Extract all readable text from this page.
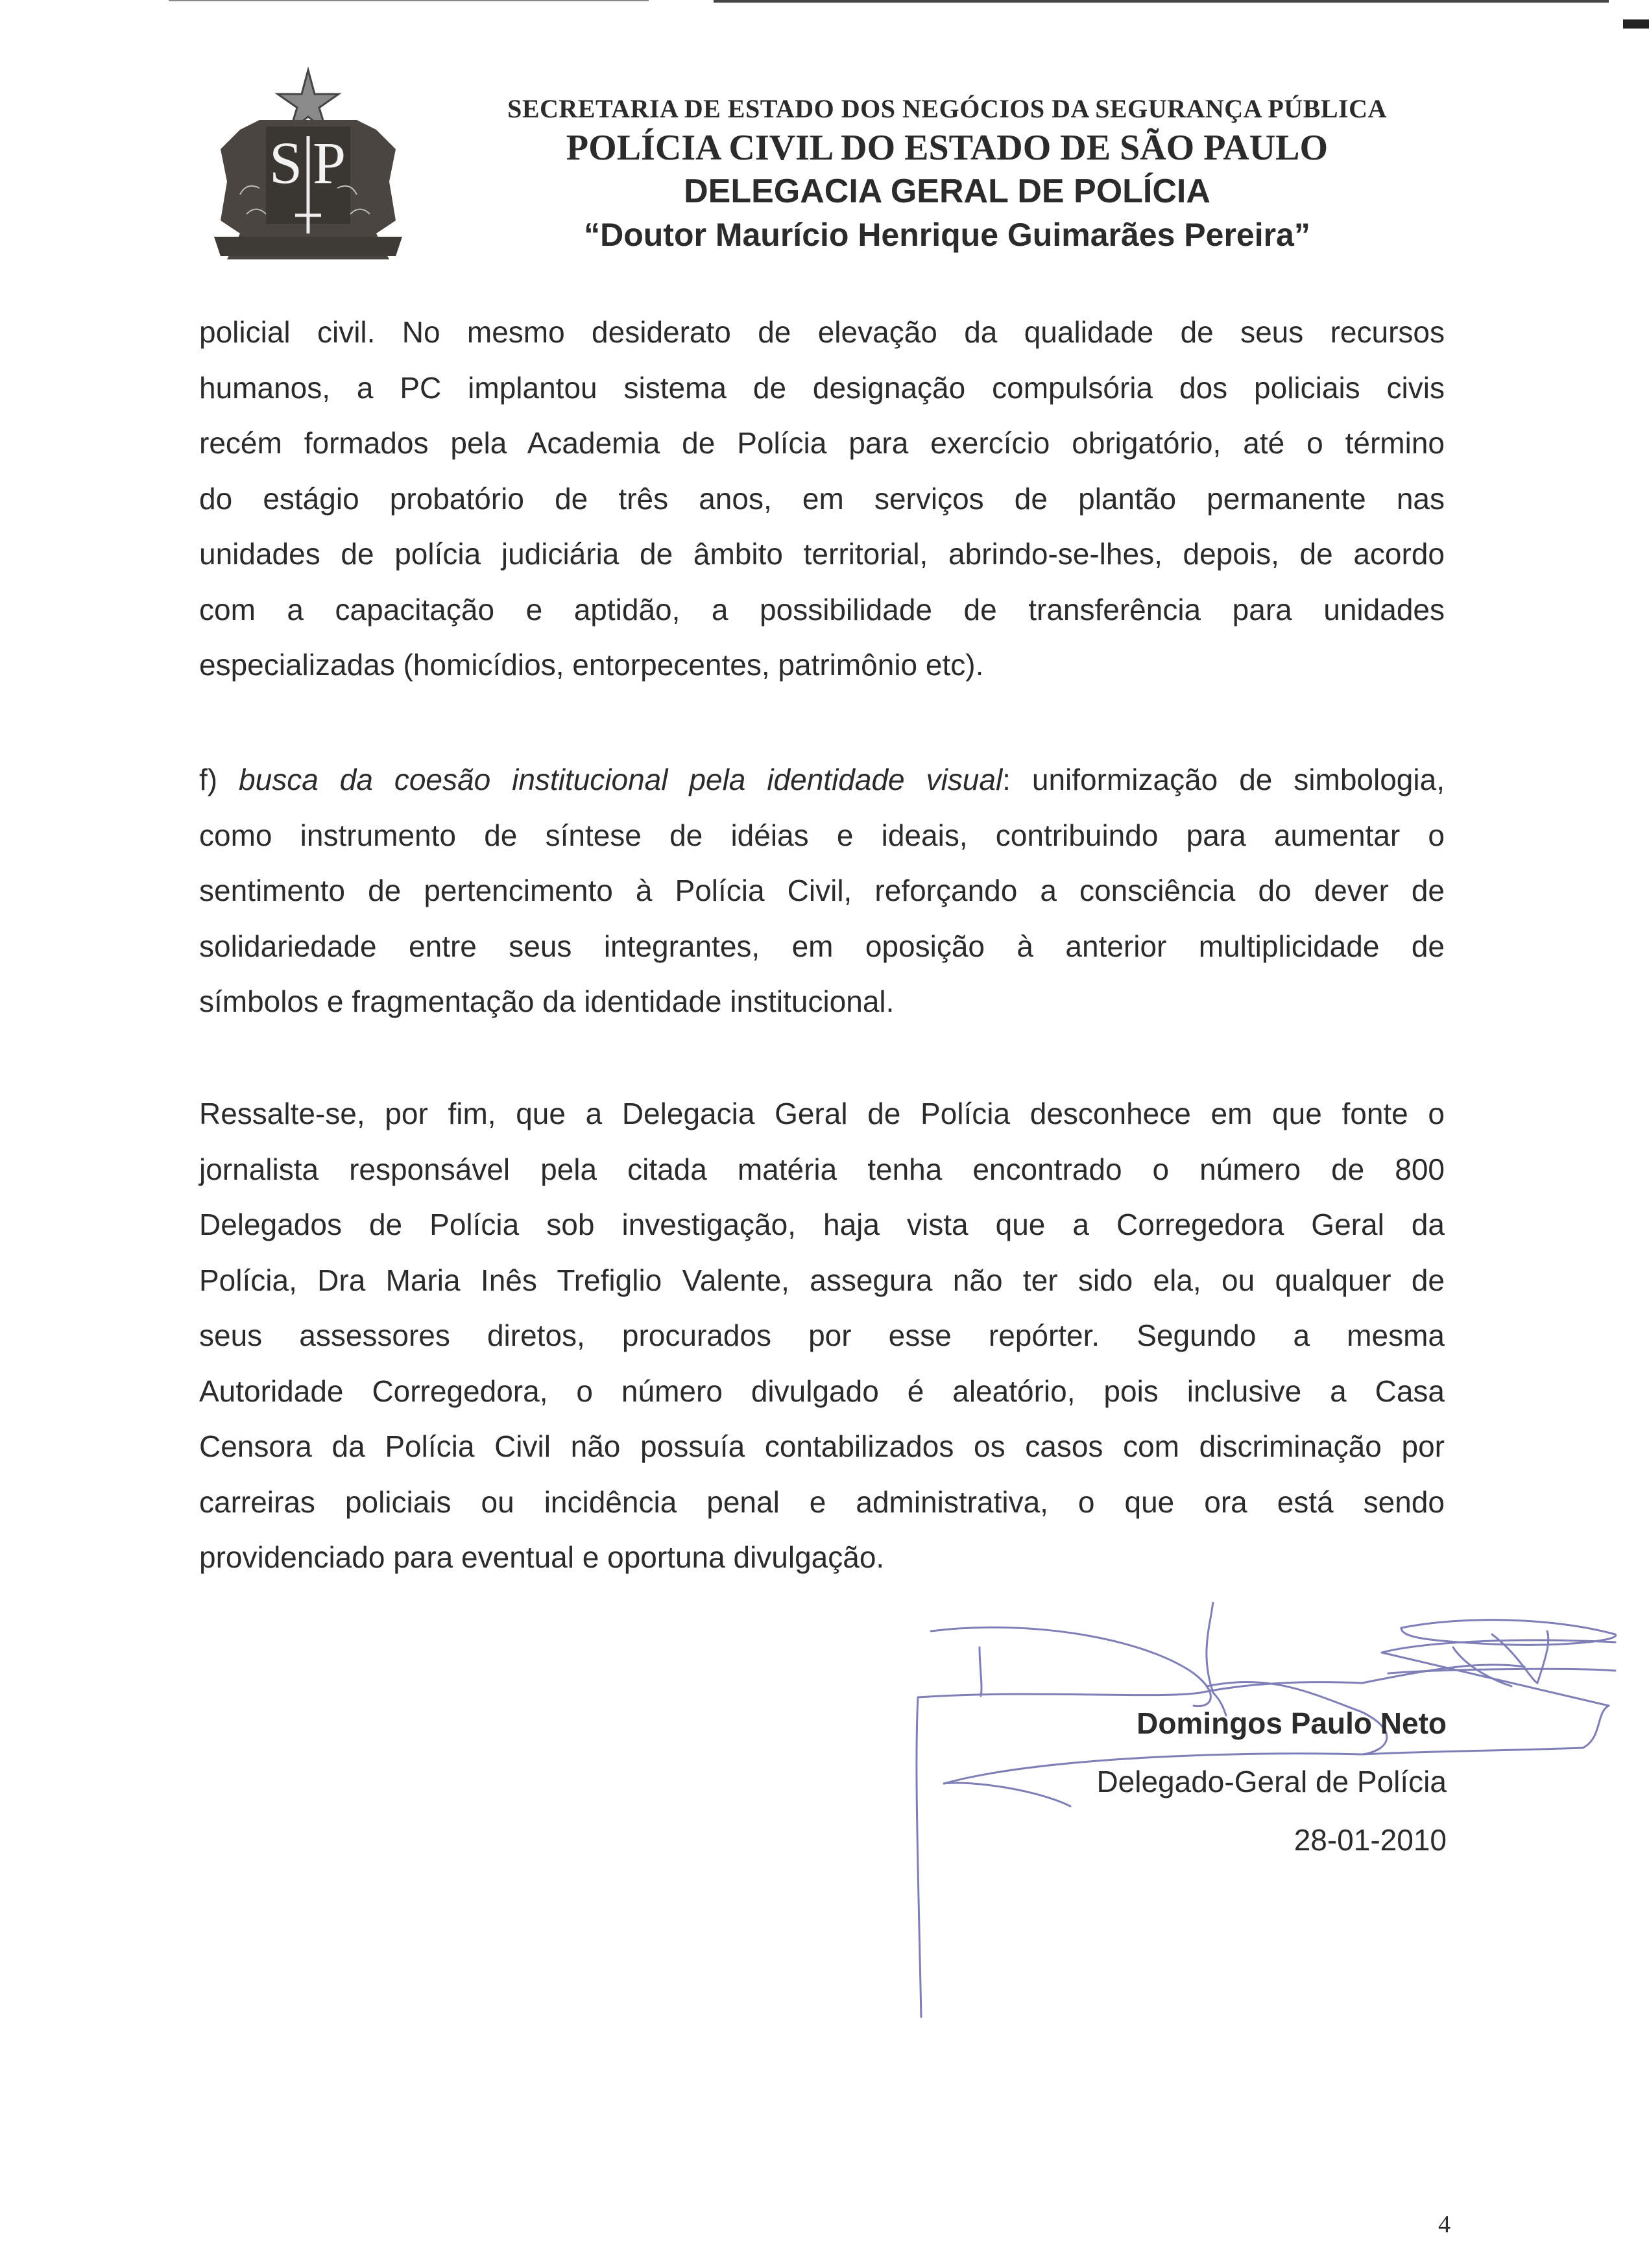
S P

SECRETARIA DE ESTADO DOS NEGÓCIOS DA SEGURANÇA PÚBLICA

POLÍCIA CIVIL DO ESTADO DE SÃO PAULO

DELEGACIA GERAL DE POLÍCIA

“Doutor Maurício Henrique Guimarães Pereira”

policial civil. No mesmo desiderato de elevação da qualidade de seus recursos
humanos, a PC implantou sistema de designação compulsória dos policiais civis
recém formados pela Academia de Polícia para exercício obrigatório, até o término
do estágio probatório de três anos, em serviços de plantão permanente nas
unidades de polícia judiciária de âmbito territorial, abrindo-se-lhes, depois, de acordo
com a capacitação e aptidão, a possibilidade de transferência para unidades
especializadas (homicídios, entorpecentes, patrimônio etc).
f) busca da coesão institucional pela identidade visual: uniformização de simbologia,
como instrumento de síntese de idéias e ideais, contribuindo para aumentar o
sentimento de pertencimento à Polícia Civil, reforçando a consciência do dever de
solidariedade entre seus integrantes, em oposição à anterior multiplicidade de
símbolos e fragmentação da identidade institucional.
Ressalte-se, por fim, que a Delegacia Geral de Polícia desconhece em que fonte o
jornalista responsável pela citada matéria tenha encontrado o número de 800
Delegados de Polícia sob investigação, haja vista que a Corregedora Geral da
Polícia, Dra Maria Inês Trefiglio Valente, assegura não ter sido ela, ou qualquer de
seus assessores diretos, procurados por esse repórter. Segundo a mesma
Autoridade Corregedora, o número divulgado é aleatório, pois inclusive a Casa
Censora da Polícia Civil não possuía contabilizados os casos com discriminação por
carreiras policiais ou incidência penal e administrativa, o que ora está sendo
providenciado para eventual e oportuna divulgação.
Domingos Paulo Neto
Delegado-Geral de Polícia
28-01-2010
4
